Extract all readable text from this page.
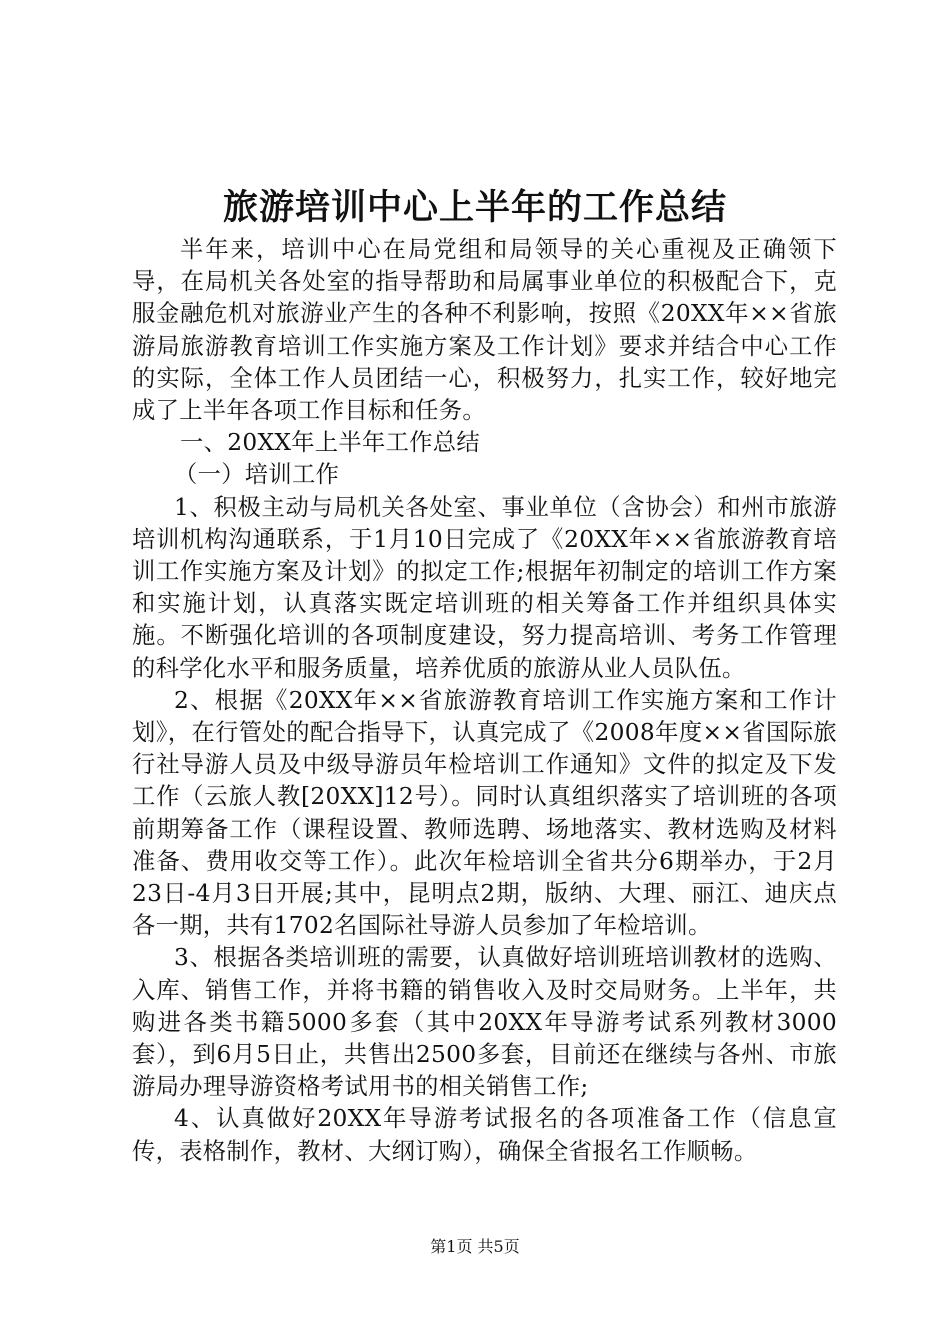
旅游培训中心上半年的工作总结

半年来，培训中心在局党组和局领导的关心重视及正确领下导，在局机关各处室的指导帮助和局属事业单位的积极配合下，克服金融危机对旅游业产生的各种不利影响，按照《20XX年××省旅游局旅游教育培训工作实施方案及工作计划》要求并结合中心工作的实际，全体工作人员团结一心，积极努力，扎实工作，较好地完成了上半年各项工作目标和任务。

一、20XX年上半年工作总结

（一）培训工作

1、积极主动与局机关各处室、事业单位（含协会）和州市旅游培训机构沟通联系，于1月10日完成了《20XX年××省旅游教育培训工作实施方案及计划》的拟定工作;根据年初制定的培训工作方案和实施计划，认真落实既定培训班的相关筹备工作并组织具体实施。不断强化培训的各项制度建设，努力提高培训、考务工作管理的科学化水平和服务质量，培养优质的旅游从业人员队伍。

2、根据《20XX年××省旅游教育培训工作实施方案和工作计划》，在行管处的配合指导下，认真完成了《2008年度××省国际旅行社导游人员及中级导游员年检培训工作通知》文件的拟定及下发工作（云旅人教[20XX]12号）。同时认真组织落实了培训班的各项前期筹备工作（课程设置、教师选聘、场地落实、教材选购及材料准备、费用收交等工作）。此次年检培训全省共分6期举办，于2月23日-4月3日开展;其中，昆明点2期，版纳、大理、丽江、迪庆点各一期，共有1702名国际社导游人员参加了年检培训。

3、根据各类培训班的需要，认真做好培训班培训教材的选购、入库、销售工作，并将书籍的销售收入及时交局财务。上半年，共购进各类书籍5000多套（其中20XX年导游考试系列教材3000套），到6月5日止，共售出2500多套，目前还在继续与各州、市旅游局办理导游资格考试用书的相关销售工作;

4、认真做好20XX年导游考试报名的各项准备工作（信息宣传，表格制作，教材、大纲订购），确保全省报名工作顺畅。

第1页 共5页
